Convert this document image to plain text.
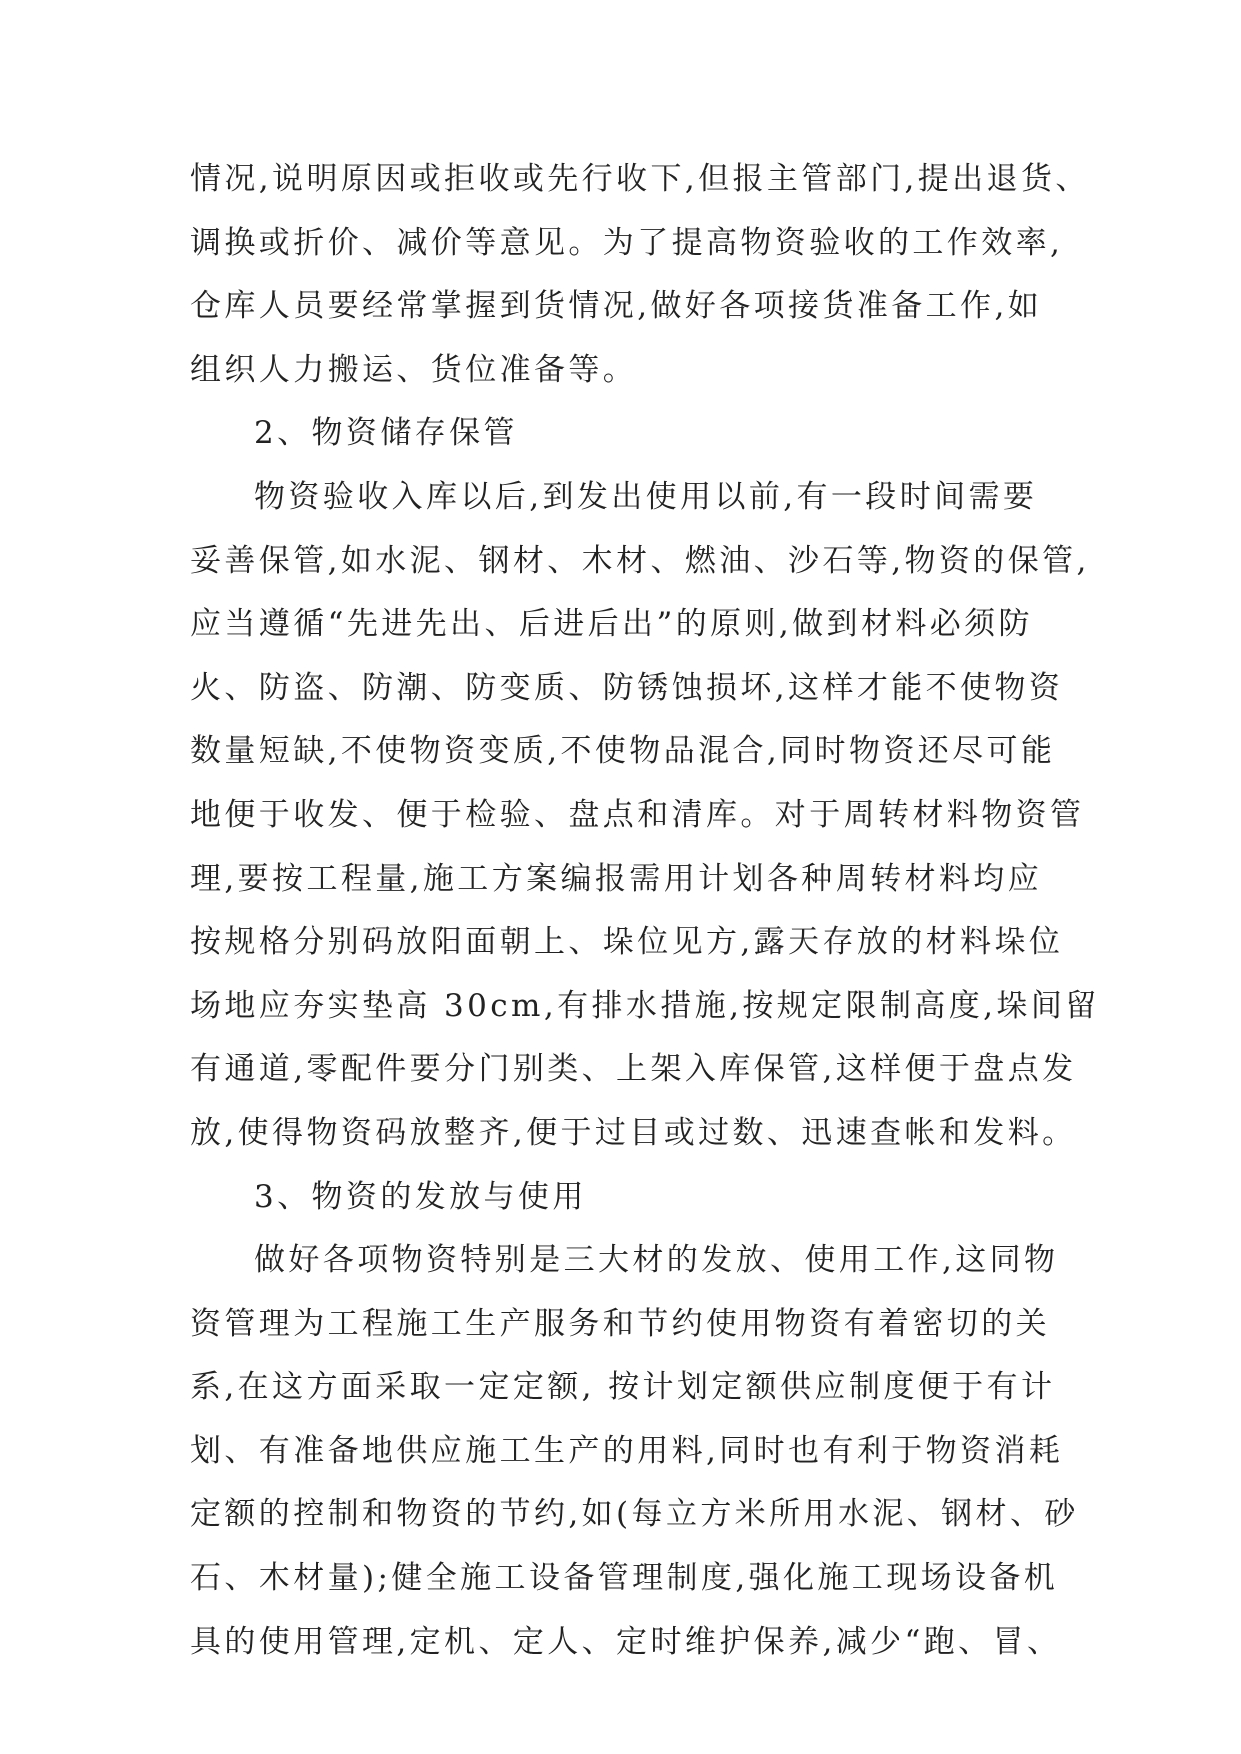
情况,说明原因或拒收或先行收下,但报主管部门,提出退货、
调换或折价、减价等意见。为了提高物资验收的工作效率,
仓库人员要经常掌握到货情况,做好各项接货准备工作,如
组织人力搬运、货位准备等。
2、物资储存保管
物资验收入库以后,到发出使用以前,有一段时间需要
妥善保管,如水泥、钢材、木材、燃油、沙石等,物资的保管,
应当遵循“先进先出、后进后出”的原则,做到材料必须防
火、防盗、防潮、防变质、防锈蚀损坏,这样才能不使物资
数量短缺,不使物资变质,不使物品混合,同时物资还尽可能
地便于收发、便于检验、盘点和清库。对于周转材料物资管
理,要按工程量,施工方案编报需用计划各种周转材料均应
按规格分别码放阳面朝上、垛位见方,露天存放的材料垛位
场地应夯实垫高 30cm,有排水措施,按规定限制高度,垛间留
有通道,零配件要分门别类、上架入库保管,这样便于盘点发
放,使得物资码放整齐,便于过目或过数、迅速查帐和发料。
3、物资的发放与使用
做好各项物资特别是三大材的发放、使用工作,这同物
资管理为工程施工生产服务和节约使用物资有着密切的关
系,在这方面采取一定定额, 按计划定额供应制度便于有计
划、有准备地供应施工生产的用料,同时也有利于物资消耗
定额的控制和物资的节约,如(每立方米所用水泥、钢材、砂
石、木材量);健全施工设备管理制度,强化施工现场设备机
具的使用管理,定机、定人、定时维护保养,减少“跑、冒、
